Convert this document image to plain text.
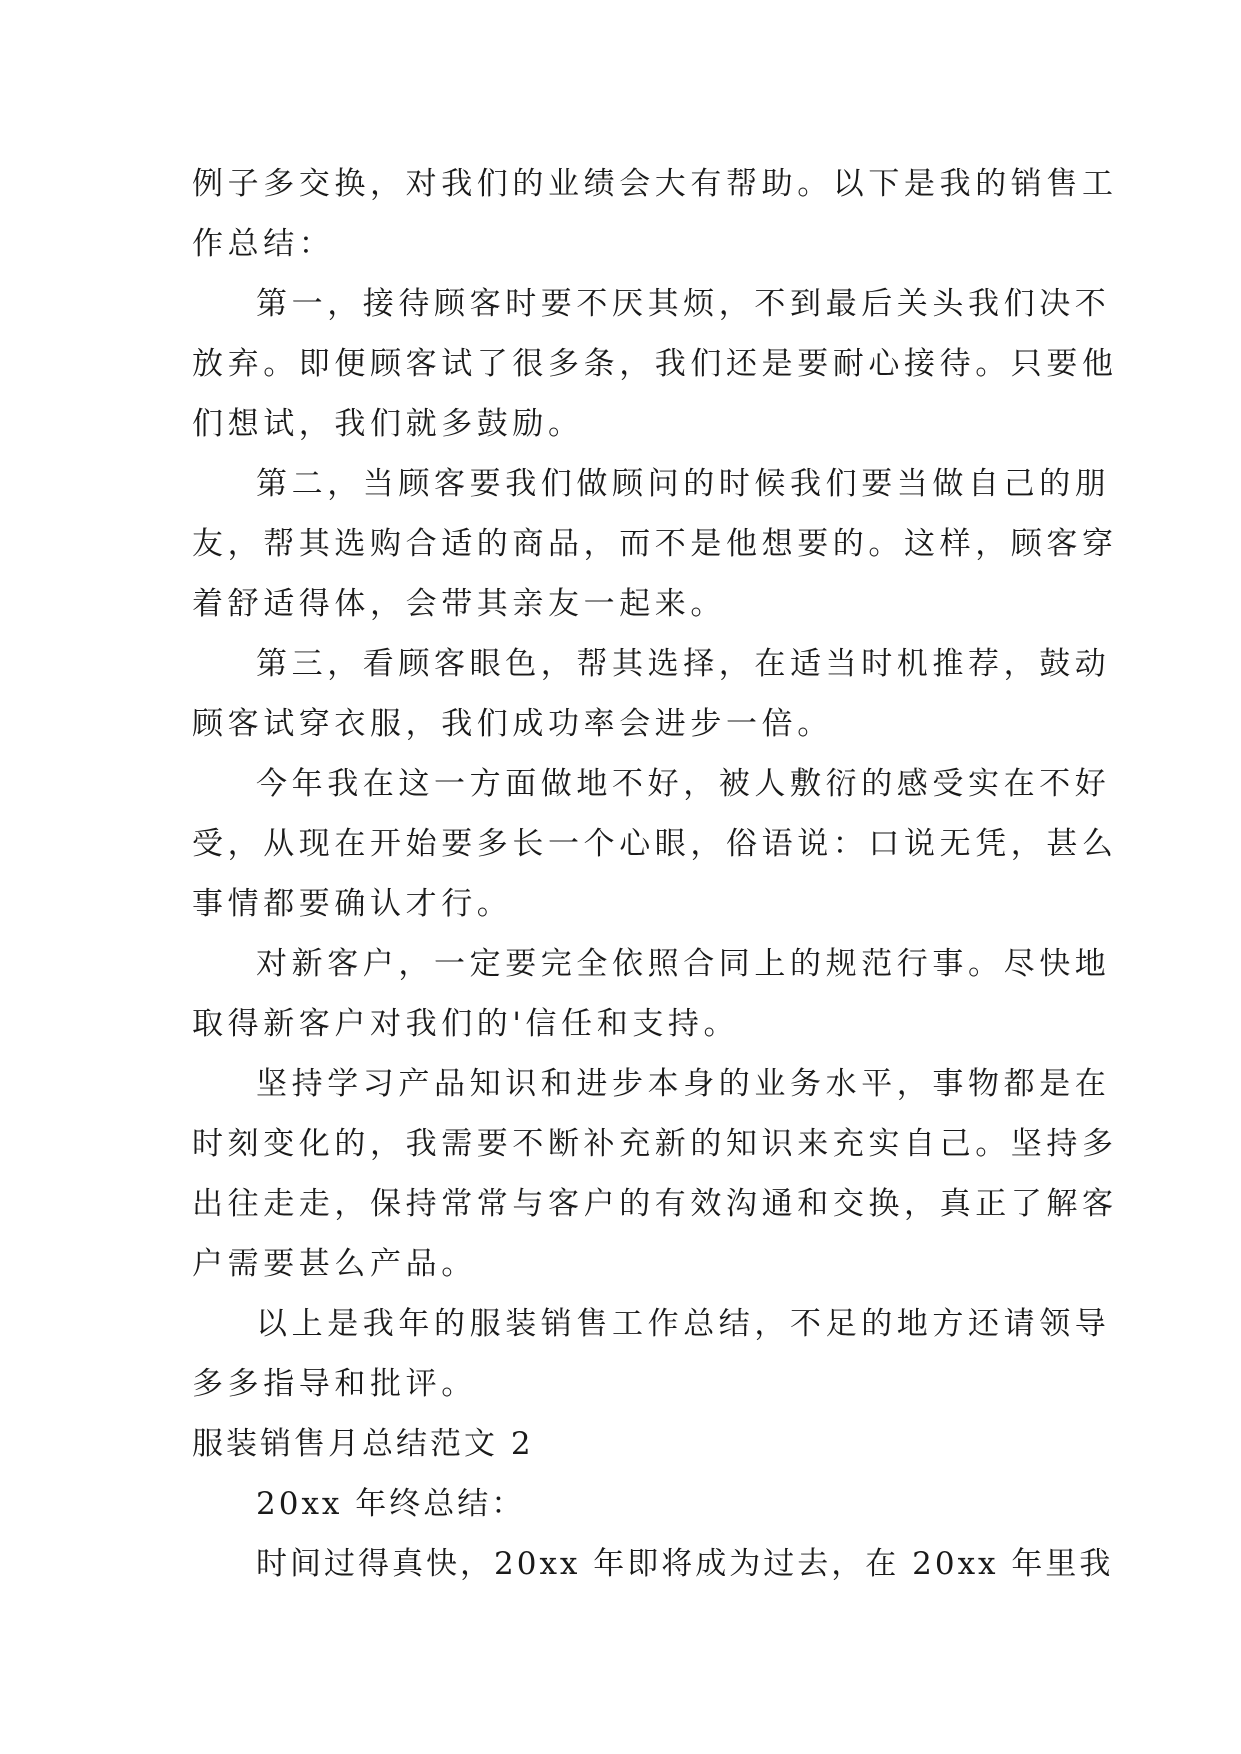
例子多交换，对我们的业绩会大有帮助。以下是我的销售工
作总结：
第一，接待顾客时要不厌其烦，不到最后关头我们决不
放弃。即便顾客试了很多条，我们还是要耐心接待。只要他
们想试，我们就多鼓励。
第二，当顾客要我们做顾问的时候我们要当做自己的朋
友，帮其选购合适的商品，而不是他想要的。这样，顾客穿
着舒适得体，会带其亲友一起来。
第三，看顾客眼色，帮其选择，在适当时机推荐，鼓动
顾客试穿衣服，我们成功率会进步一倍。
今年我在这一方面做地不好，被人敷衍的感受实在不好
受，从现在开始要多长一个心眼，俗语说：口说无凭，甚么
事情都要确认才行。
对新客户，一定要完全依照合同上的规范行事。尽快地
取得新客户对我们的'信任和支持。
坚持学习产品知识和进步本身的业务水平，事物都是在
时刻变化的，我需要不断补充新的知识来充实自己。坚持多
出往走走，保持常常与客户的有效沟通和交换，真正了解客
户需要甚么产品。
以上是我年的服装销售工作总结，不足的地方还请领导
多多指导和批评。
服装销售月总结范文 2
20xx 年终总结：
时间过得真快，20xx 年即将成为过去，在 20xx 年里我
